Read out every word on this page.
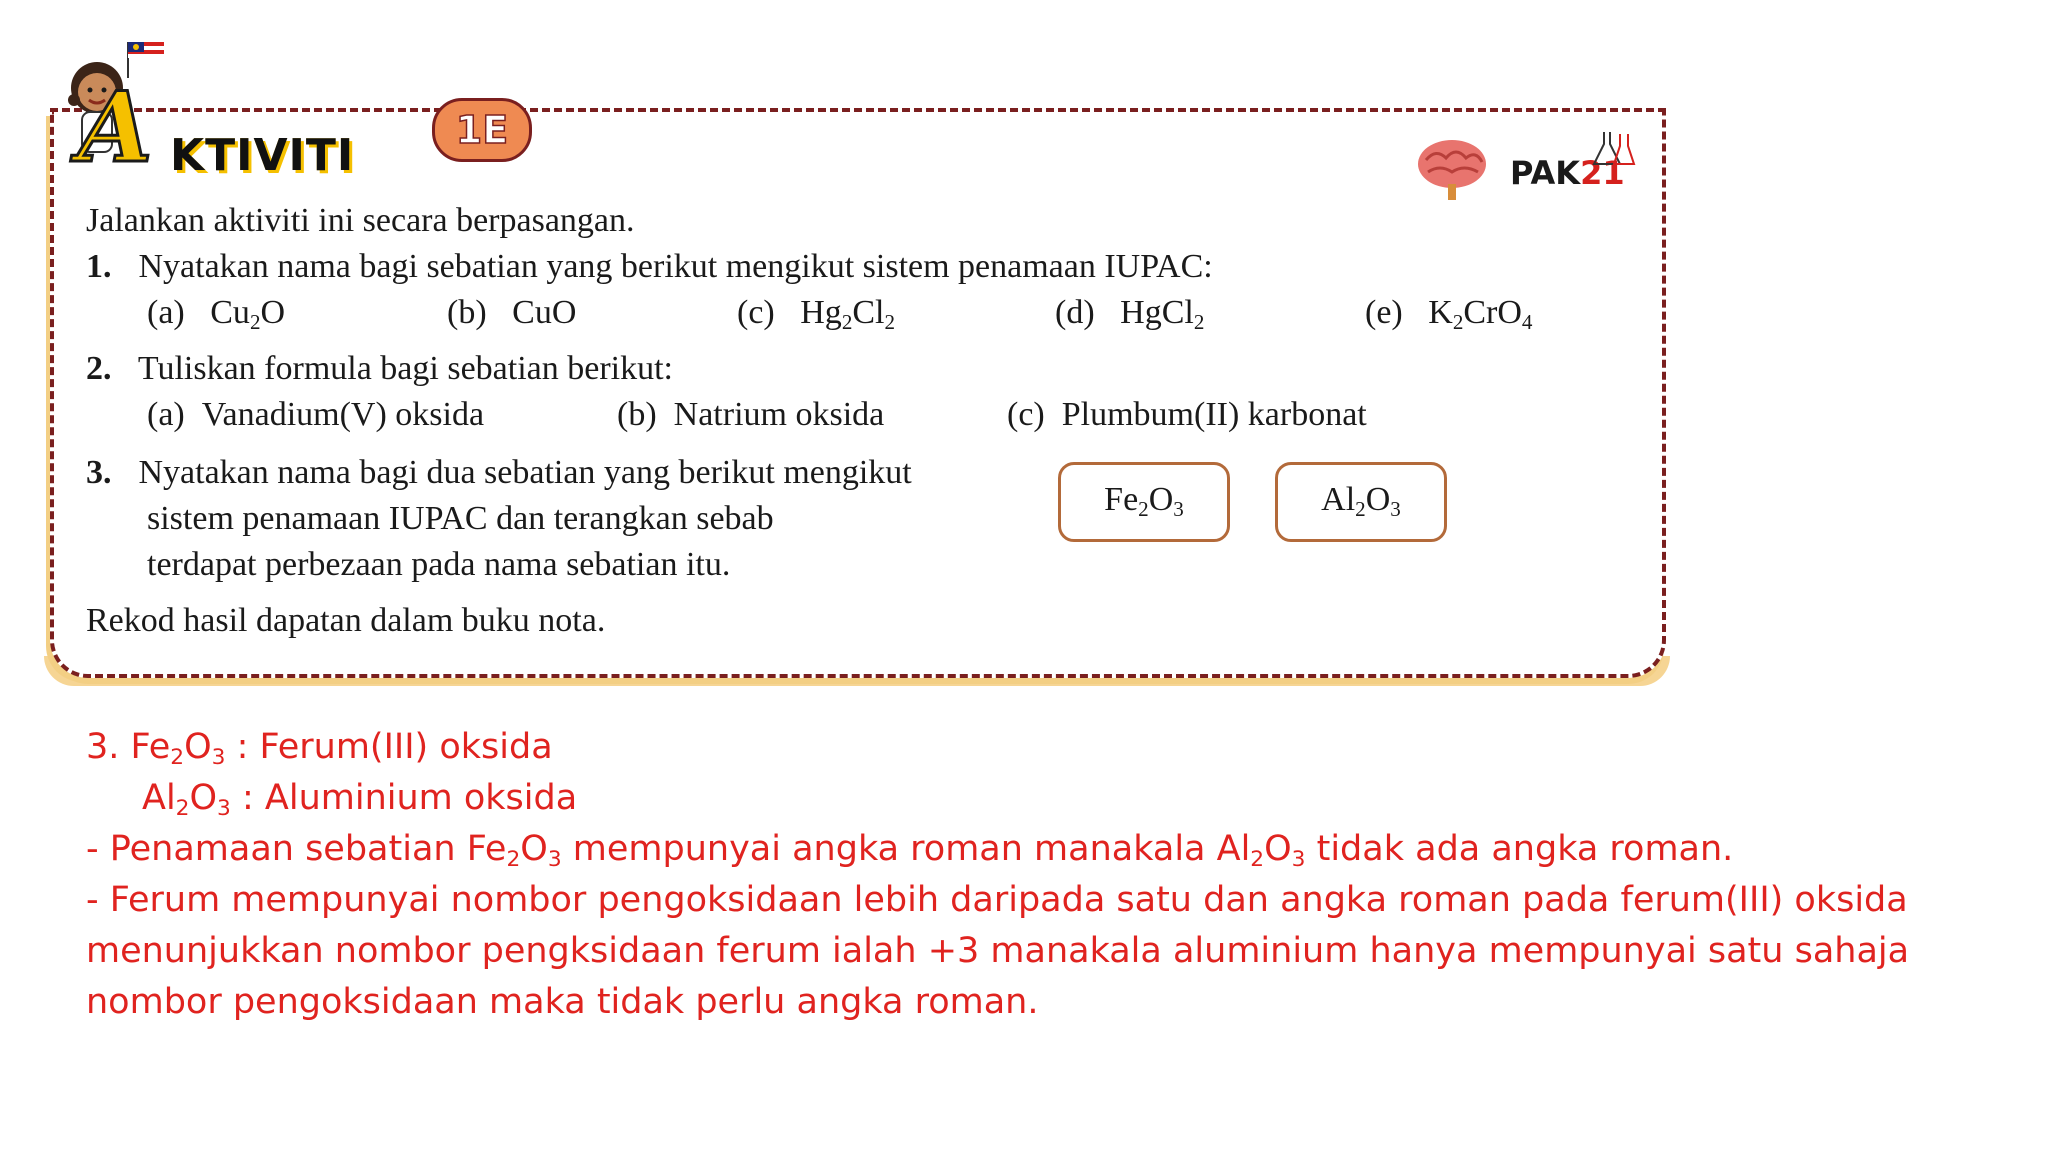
A KTIVITI	1E
PAK21
Jalankan aktiviti ini secara berpasangan.
1. Nyatakan nama bagi sebatian yang berikut mengikut sistem penamaan IUPAC:
(a) $Cu_2O$	(b) CuO	(c) $Hg_2Cl_2$	(d) HgCl$_2$	(e) $K_2CrO_4$
2. Tuliskan formula bagi sebatian berikut:
(a) Vanadium(V) oksida	(b) Natrium oksida	(c) Plumbum(II) karbonat
3. Nyatakan nama bagi dua sebatian yang berikut mengikut
sistem penamaan IUPAC dan terangkan sebab
terdapat perbezaan pada nama sebatian itu.
$Fe_2O_3$	$Al_2O_3$
Rekod hasil dapatan dalam buku nota.
3. $Fe_2O_3$ : Ferum(III) oksida
$Al_2O_3$ : Aluminium oksida
- Penamaan sebatian $Fe_2O_3$ mempunyai angka roman manakala $Al_2O_3$ tidak ada angka roman.
- Ferum mempunyai nombor pengoksidaan lebih daripada satu dan angka roman pada ferum(III) oksida
menunjukkan nombor pengksidaan ferum ialah +3 manakala aluminium hanya mempunyai satu sahaja
nombor pengoksidaan maka tidak perlu angka roman.
